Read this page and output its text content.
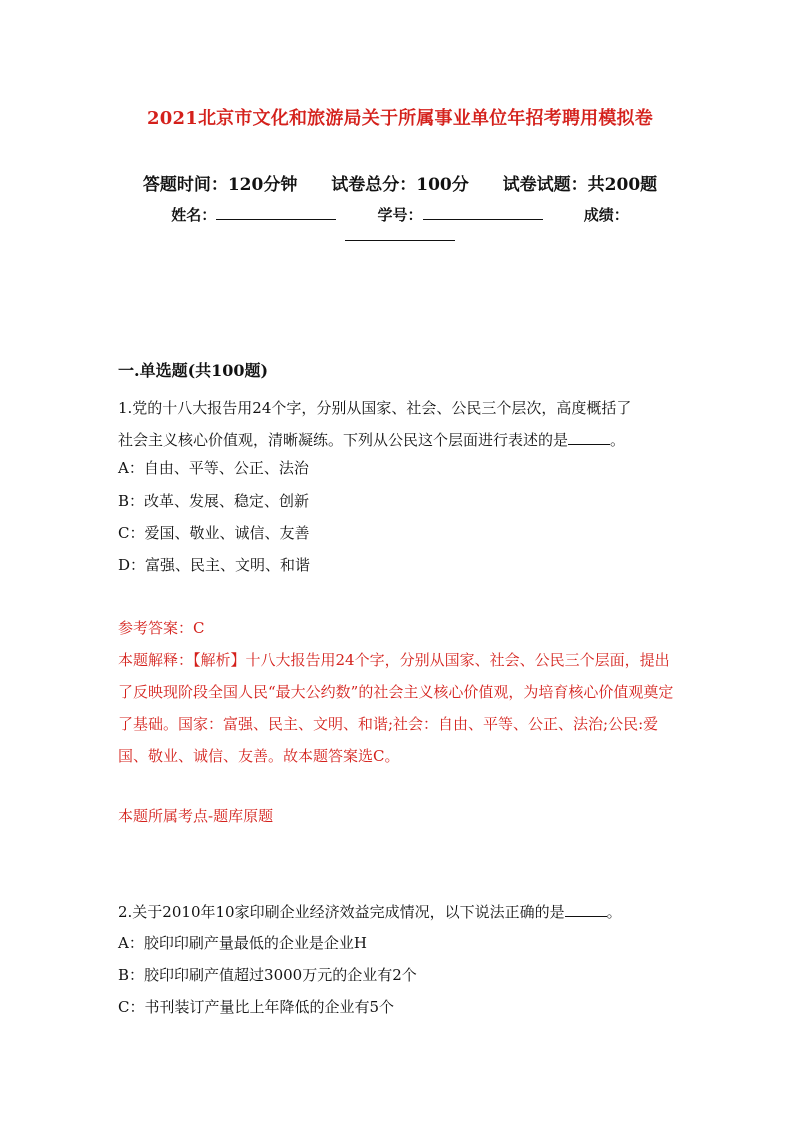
2021北京市文化和旅游局关于所属事业单位年招考聘用模拟卷
答题时间：120分钟 试卷总分：100分 试卷试题：共200题
姓名：	学号：	成绩：
一.单选题(共100题)
1.党的十八大报告用24个字，分别从国家、社会、公民三个层次，高度概括了
社会主义核心价值观，清晰凝练。下列从公民这个层面进行表述的是	。
A：自由、平等、公正、法治
B：改革、发展、稳定、创新
C：爱国、敬业、诚信、友善
D：富强、民主、文明、和谐
参考答案：C
本题解释：【解析】十八大报告用24个字，分别从国家、社会、公民三个层面，提出了反映现阶段全国人民“最大公约数”的社会主义核心价值观，为培育核心价值观奠定了基础。国家：富强、民主、文明、和谐;社会：自由、平等、公正、法治;公民:爱国、敬业、诚信、友善。故本题答案选C。
本题所属考点-题库原题
2.关于2010年10家印刷企业经济效益完成情况，以下说法正确的是	。
A：胶印印刷产量最低的企业是企业H
B：胶印印刷产值超过3000万元的企业有2个
C：书刊装订产量比上年降低的企业有5个
